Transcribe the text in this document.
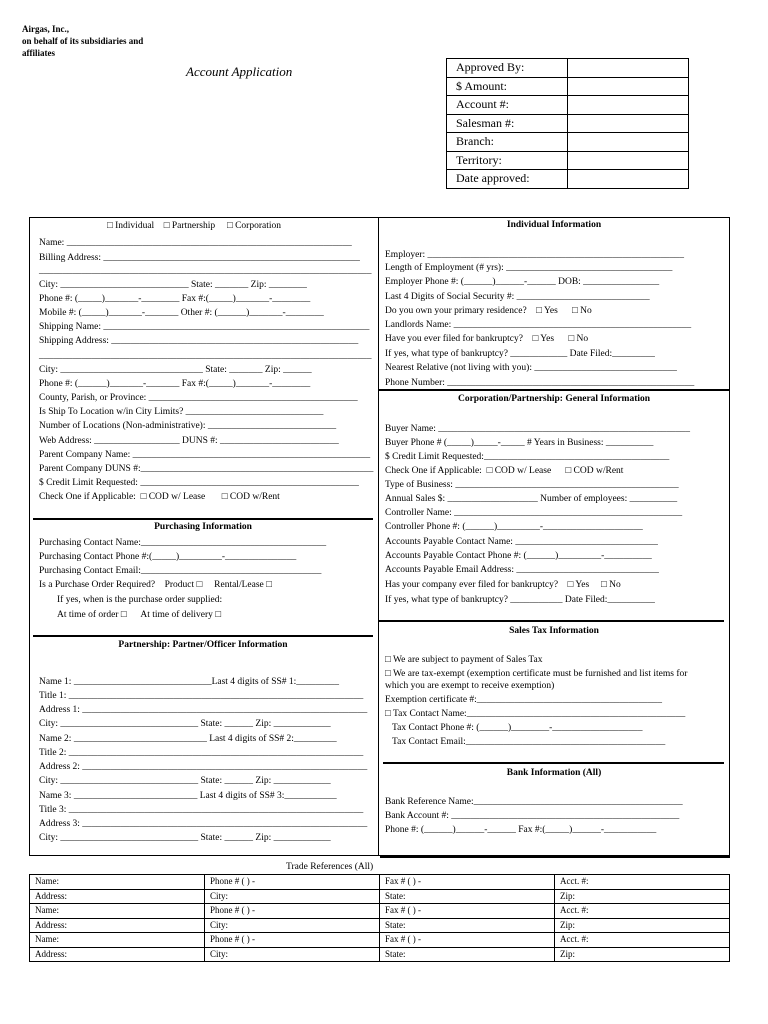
Airgas, Inc.,
on behalf of its subsidiaries and
affiliates
Account Application	Approved By:	
$ Amount:	
Account #:	
Salesman #:	
Branch:	
Territory:	
Date approved:	
□ Individual □ Partnership □ Corporation
Name: ____________________________________________________________
Billing Address: ______________________________________________________
______________________________________________________________________
City: ___________________________ State: _______ Zip: ________
Phone #: (_____)_______-________ Fax #:(_____)_______-________
Mobile #: (_____)_______-_______ Other #: (______)_______-________
Shipping Name: ________________________________________________________
Shipping Address: ____________________________________________________
______________________________________________________________________
City: ______________________________ State: _______ Zip: ______
Phone #: (______)_______-_______ Fax #:(_____)_______-________
County, Parish, or Province: ____________________________________________
Is Ship To Location w/in City Limits? _____________________________
Number of Locations (Non-administrative): ___________________________
Web Address: __________________ DUNS #: _________________________
Parent Company Name: __________________________________________________
Parent Company DUNS #:_________________________________________________
$ Credit Limit Requested: ______________________________________________
Check One if Applicable: □ COD w/ Lease □	COD w/Rent
Purchasing Information
Purchasing Contact Name:_______________________________________
Purchasing Contact Phone #:(_____)_________-_______________
Purchasing Contact Email:______________________________________
Is a Purchase Order Required? Product □ Rental/Lease □
If yes, when is the purchase order supplied:
At time of order □ At time of delivery □
Partnership: Partner/Officer Information
Name 1: _____________________________Last 4 digits of SS# 1:_________
Title 1: ______________________________________________________________
Address 1: ____________________________________________________________
City: _____________________________ State: ______ Zip: ____________
Name 2: ____________________________ Last 4 digits of SS# 2:_________
Title 2: ______________________________________________________________
Address 2: ____________________________________________________________
City: _____________________________ State: ______ Zip: ____________
Name 3: __________________________ Last 4 digits of SS# 3:___________
Title 3: ______________________________________________________________
Address 3: ____________________________________________________________
City: _____________________________ State: ______ Zip: ____________
Individual Information
Employer: ______________________________________________________
Length of Employment (# yrs): ___________________________________
Employer Phone #: (______)______-______ DOB: ________________
Last 4 Digits of Social Security #: ____________________________
Do you own your primary residence? □ Yes □ No
Landlords Name: __________________________________________________
Have you ever filed for bankruptcy? □ Yes □ No
If yes, what type of bankruptcy? ____________ Date Filed:_________
Nearest Relative (not living with you): ______________________________
Phone Number: ____________________________________________________
Corporation/Partnership: General Information
Buyer Name: _____________________________________________________
Buyer Phone # (_____)_____-_____ # Years in Business: __________
$ Credit Limit Requested:_______________________________________
Check One if Applicable: □ COD w/ Lease □ COD w/Rent
Type of Business: _______________________________________________
Annual Sales $: ___________________ Number of employees: __________
Controller Name: ________________________________________________
Controller Phone #: (______)_________-_____________________
Accounts Payable Contact Name: ______________________________
Accounts Payable Contact Phone #: (______)_________-__________
Accounts Payable Email Address: ______________________________
Has your company ever filed for bankruptcy? □ Yes □ No
If yes, what type of bankruptcy? ___________ Date Filed:__________
Sales Tax Information
□ We are subject to payment of Sales Tax
□ We are tax-exempt (exemption certificate must be furnished and list items for
which you are exempt to receive exemption)
Exemption certificate #:_______________________________________
□ Tax Contact Name:______________________________________________
Tax Contact Phone #: (______)________-___________________
Tax Contact Email:__________________________________________
Bank Information (All)
Bank Reference Name:____________________________________________
Bank Account #: ________________________________________________
Phone #: (______)______-______ Fax #:(_____)______-___________
Trade References (All)
Name:	Phone # ( ) -	Fax # ( ) -	Acct. #:
Address:	City:	State:	Zip:
Name:	Phone # ( ) -	Fax # ( ) -	Acct. #:
Address:	City:	State:	Zip:
Name:	Phone # ( ) -	Fax # ( ) -	Acct. #:
Address:	City:	State:	Zip:
